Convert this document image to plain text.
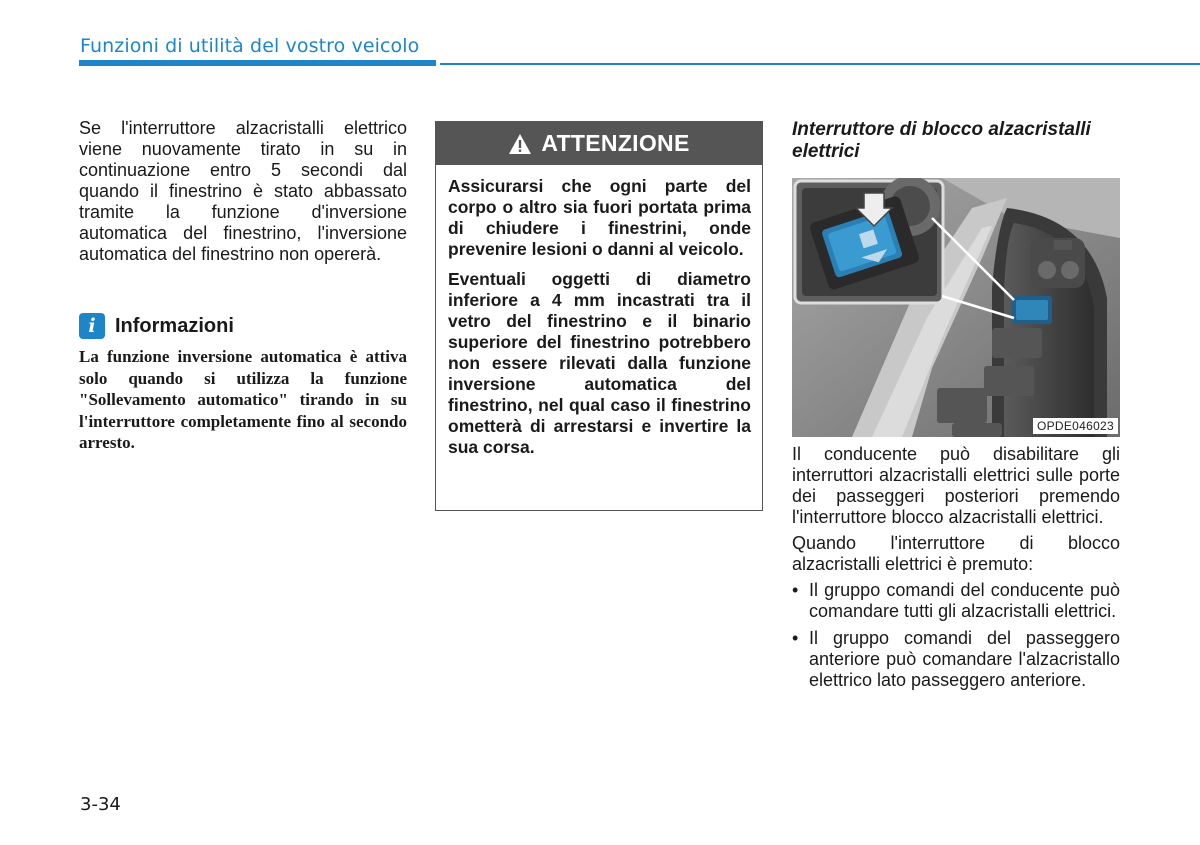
Funzioni di utilità del vostro veicolo

Se l'interruttore alzacristalli elettrico viene nuovamente tirato in su in continuazione entro 5 secondi dal quando il finestrino è stato abbassato tramite la funzione d'inversione automatica del finestrino, l'inversione automatica del finestrino non opererà.

i Informazioni

La funzione inversione automatica è attiva solo quando si utilizza la funzione "Sollevamento automatico" tirando in su l'interruttore completamente fino al secondo arresto.

ATTENZIONE

Assicurarsi che ogni parte del corpo o altro sia fuori portata prima di chiudere i finestrini, onde prevenire lesioni o danni al veicolo.

Eventuali oggetti di diametro inferiore a 4 mm incastrati tra il vetro del finestrino e il binario superiore del finestrino potrebbero non essere rilevati dalla funzione inversione automatica del finestrino, nel qual caso il finestrino ometterà di arrestarsi e invertire la sua corsa.

Interruttore di blocco alzacristalli elettrici
OPDE046023

Il conducente può disabilitare gli interruttori alzacristalli elettrici sulle porte dei passeggeri posteriori premendo l'interruttore blocco alzacristalli elettrici.

Quando l'interruttore di blocco alzacristalli elettrici è premuto:

• Il gruppo comandi del conducente può comandare tutti gli alzacristalli elettrici.
• Il gruppo comandi del passeggero anteriore può comandare l'alzacristallo elettrico lato passeggero anteriore.
3-34
